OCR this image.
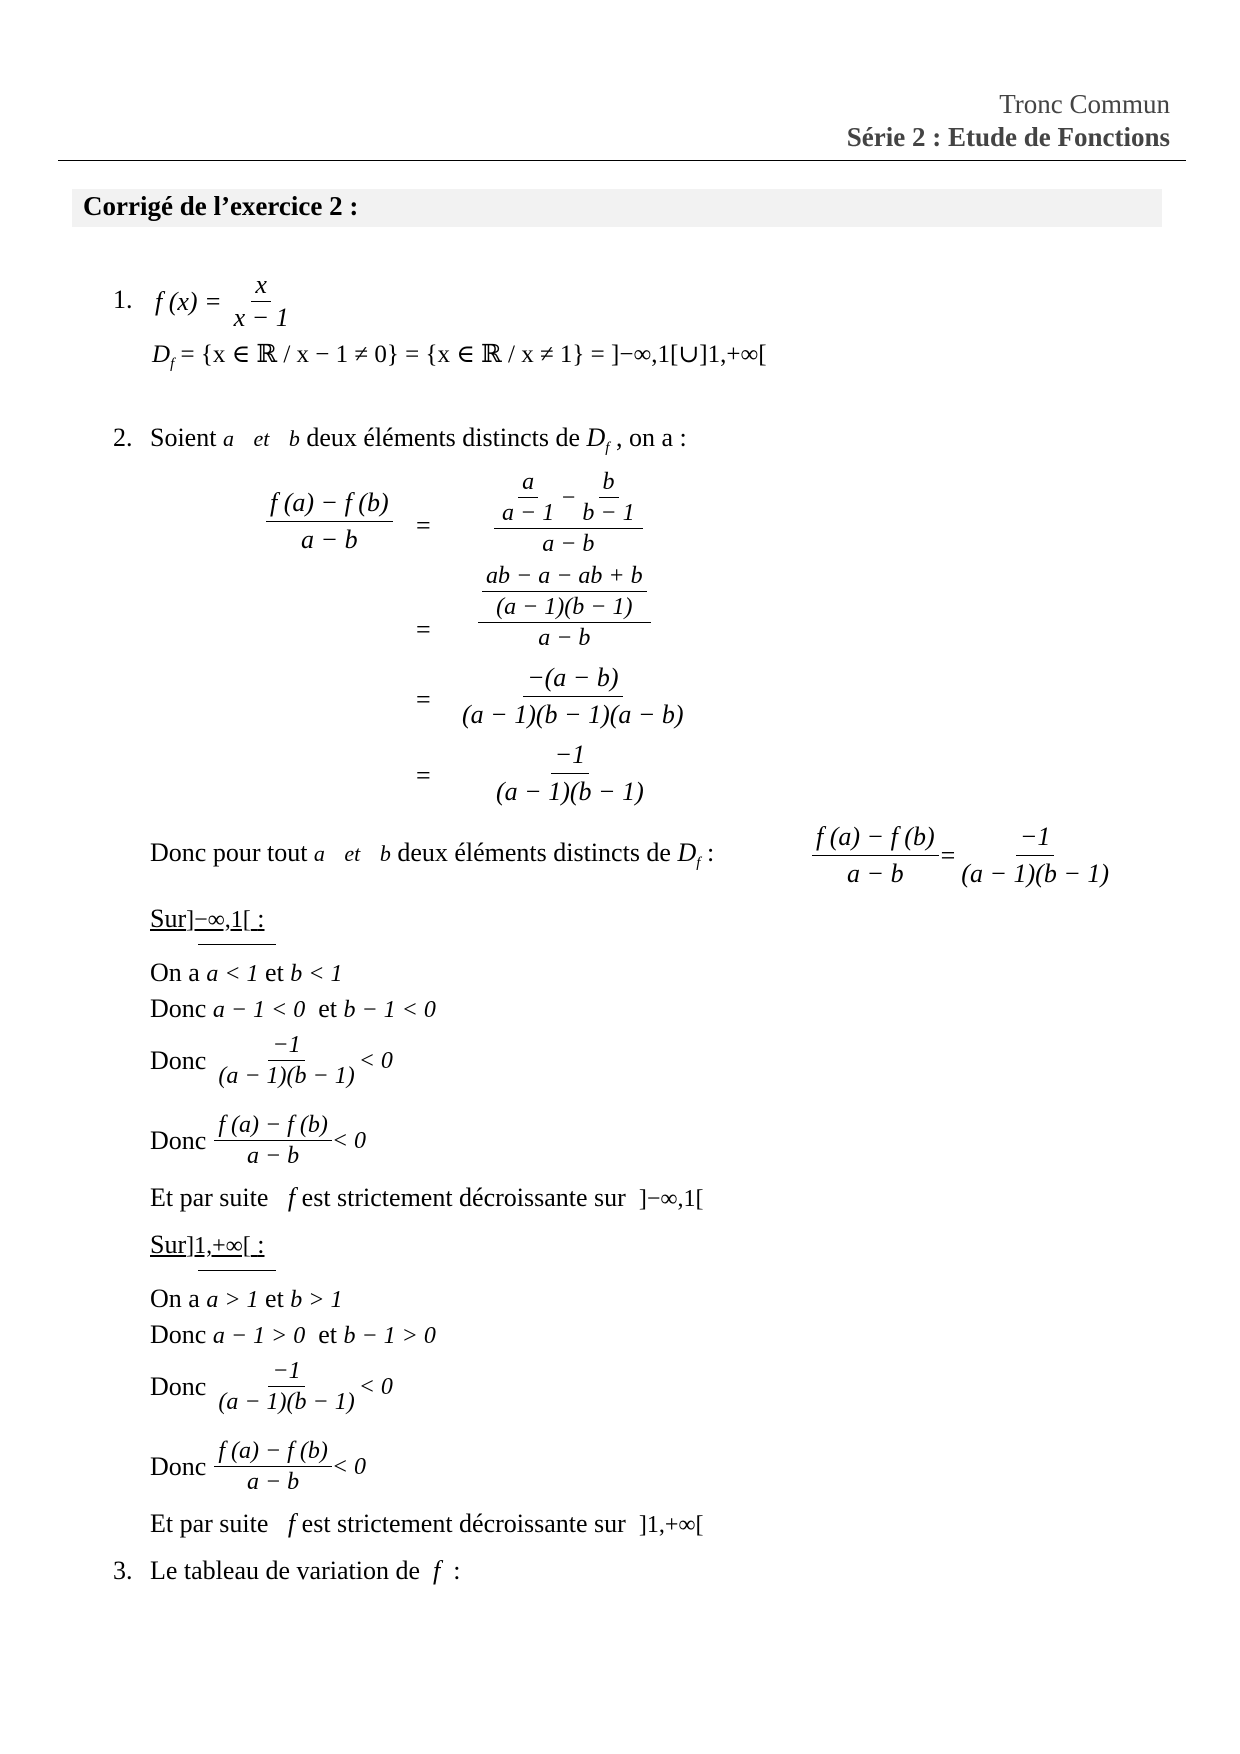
Tronc Commun
Série 2 : Etude de Fonctions
Corrigé de l’exercice 2 :
1. f $(x) = \frac{x}{x - 1}$
$D_f = \{x$ ∈ ℝ / x − 1 ≠ 0} = {x ∈ ℝ / x ≠ 1} = ]−∞,1[∪]1,+∞[
2. Soient a et b deux éléments distincts de $D_f$ , on a :
$\frac{f (a) - f (b)}{a - b}$ =
=
=
=
$\frac{\frac{a}{a - 1} - \frac{b}{b - 1}}{a - b}$
$\frac{\frac{ab - a - ab + b}{(a - 1)(b - 1)}}{a - b}$
$\frac{-(a - b)}{(a - 1)(b - 1)(a - b)}$
$\frac{-1}{(a - 1)(b - 1)}$
Donc pour tout a et b deux éléments distincts de $D_f$ :	$\frac{f (a) - f (b)}{a - b} = \frac{-1}{(a - 1)(b - 1)}$
Sur]−∞,1[ :
On a a < 1 et b < 1
Donc a − 1 < 0 et b − 1 < 0
Donc $\frac{-1}{(a - 1)(b - 1)} < 0$
Donc $\frac{f (a) - f (b)}{a - b} < 0$
Et par suite f est strictement décroissante sur ]−∞,1[
Sur]1,+∞[ :
On a a > 1 et b > 1
Donc a − 1 > 0 et b − 1 > 0
Donc $\frac{-1}{(a - 1)(b - 1)} < 0$
Donc $\frac{f (a) - f (b)}{a - b} < 0$
Et par suite f est strictement décroissante sur ]1,+∞[
3. Le tableau de variation de f :
